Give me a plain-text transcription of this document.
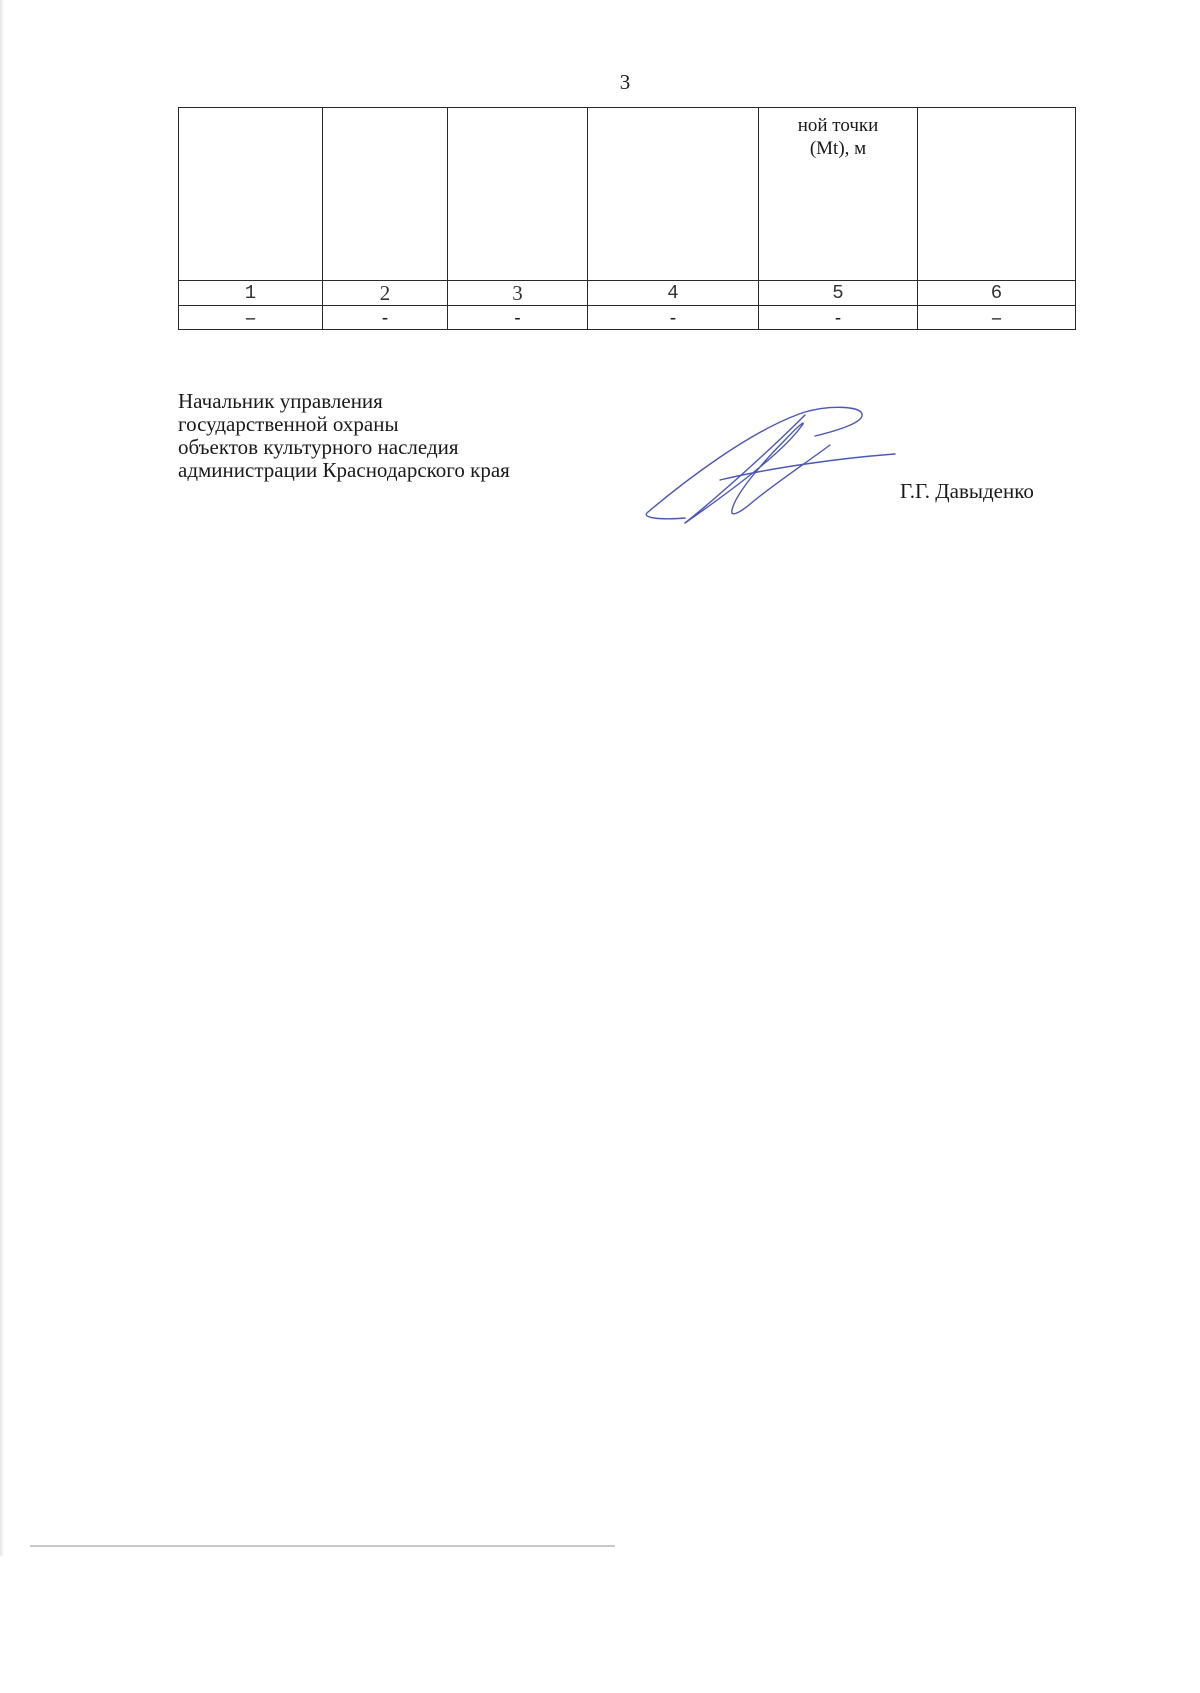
3
				ной точки
(Mt), м	
1	2	3	4	5	6
–	-	-	-	-	–
Начальник управления
государственной охраны
объектов культурного наследия
администрации Краснодарского края
Г.Г. Давыденко
